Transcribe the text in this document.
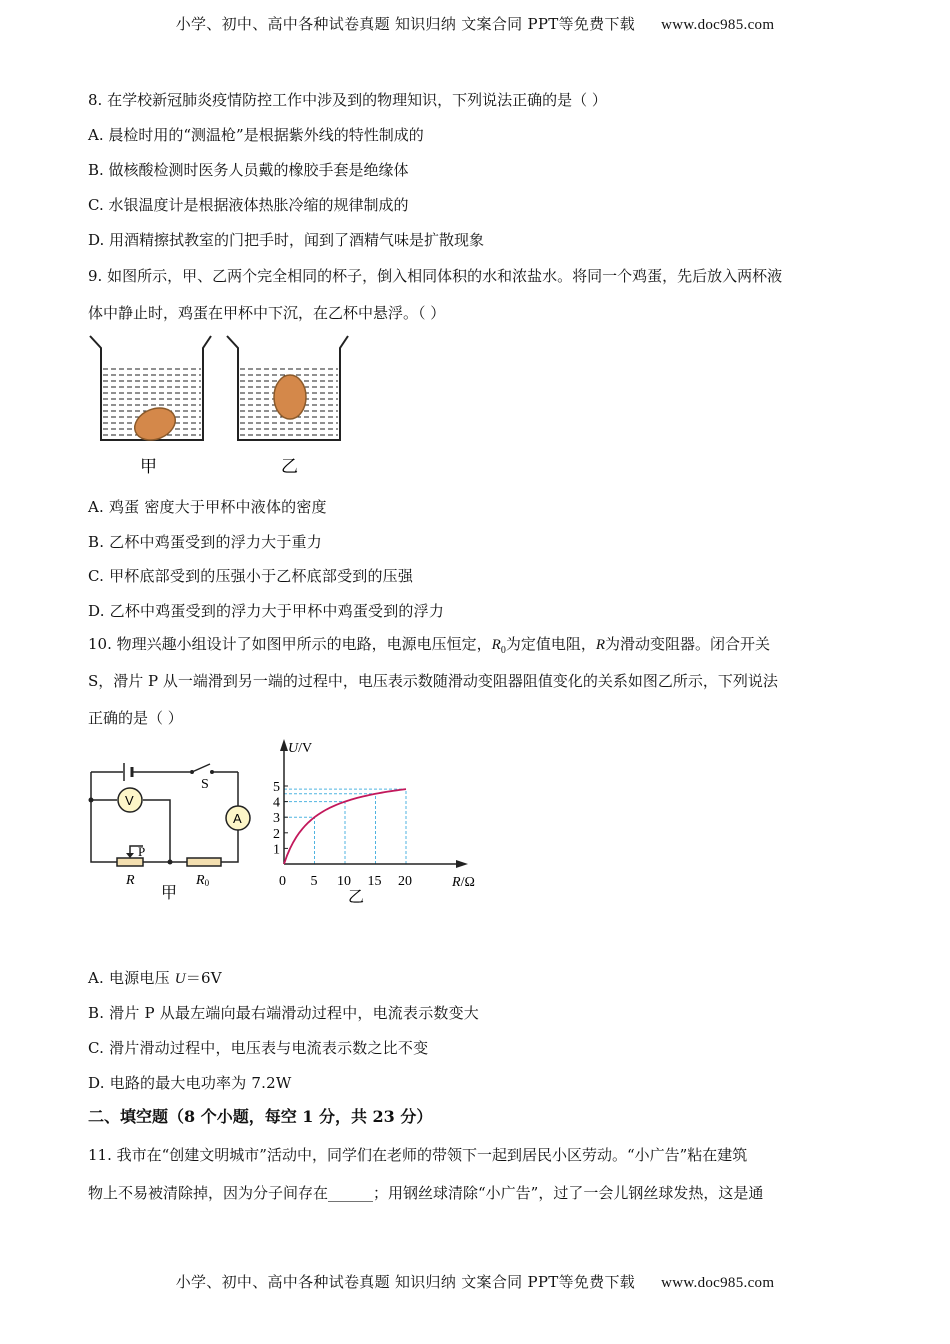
小学、初中、高中各种试卷真题 知识归纳 文案合同 PPT等免费下载 www.doc985.com
8. 在学校新冠肺炎疫情防控工作中涉及到的物理知识，下列说法正确的是（ ）
A. 晨检时用的“测温枪”是根据紫外线的特性制成的
B. 做核酸检测时医务人员戴的橡胶手套是绝缘体
C. 水银温度计是根据液体热胀冷缩的规律制成的
D. 用酒精擦拭教室的门把手时，闻到了酒精气味是扩散现象
9. 如图所示，甲、乙两个完全相同的杯子，倒入相同体积的水和浓盐水。将同一个鸡蛋，先后放入两杯液
体中静止时，鸡蛋在甲杯中下沉，在乙杯中悬浮。（ ）
甲	乙
A. 鸡蛋 密度大于甲杯中液体的密度
B. 乙杯中鸡蛋受到的浮力大于重力
C. 甲杯底部受到的压强小于乙杯底部受到的压强
D. 乙杯中鸡蛋受到的浮力大于甲杯中鸡蛋受到的浮力
10. 物理兴趣小组设计了如图甲所示的电路，电源电压恒定，$R_0$为定值电阻，R为滑动变阻器。闭合开关
S，滑片 P 从一端滑到另一端的过程中，电压表示数随滑动变阻器阻值变化的关系如图乙所示，下列说法
正确的是（ ）
S
V
A
P
R	R0
甲
U/V
R/Ω
0 5 10 15 20
1
2
3
4
5
乙
A. 电源电压 U＝6V
B. 滑片 P 从最左端向最右端滑动过程中，电流表示数变大
C. 滑片滑动过程中，电压表与电流表示数之比不变
D. 电路的最大电功率为 7.2W
二、填空题（8 个小题，每空 1 分，共 23 分）
11. 我市在“创建文明城市”活动中，同学们在老师的带领下一起到居民小区劳动。“小广告”粘在建筑
物上不易被清除掉，因为分子间存在______；用钢丝球清除“小广告”，过了一会儿钢丝球发热，这是通
小学、初中、高中各种试卷真题 知识归纳 文案合同 PPT等免费下载 www.doc985.com
